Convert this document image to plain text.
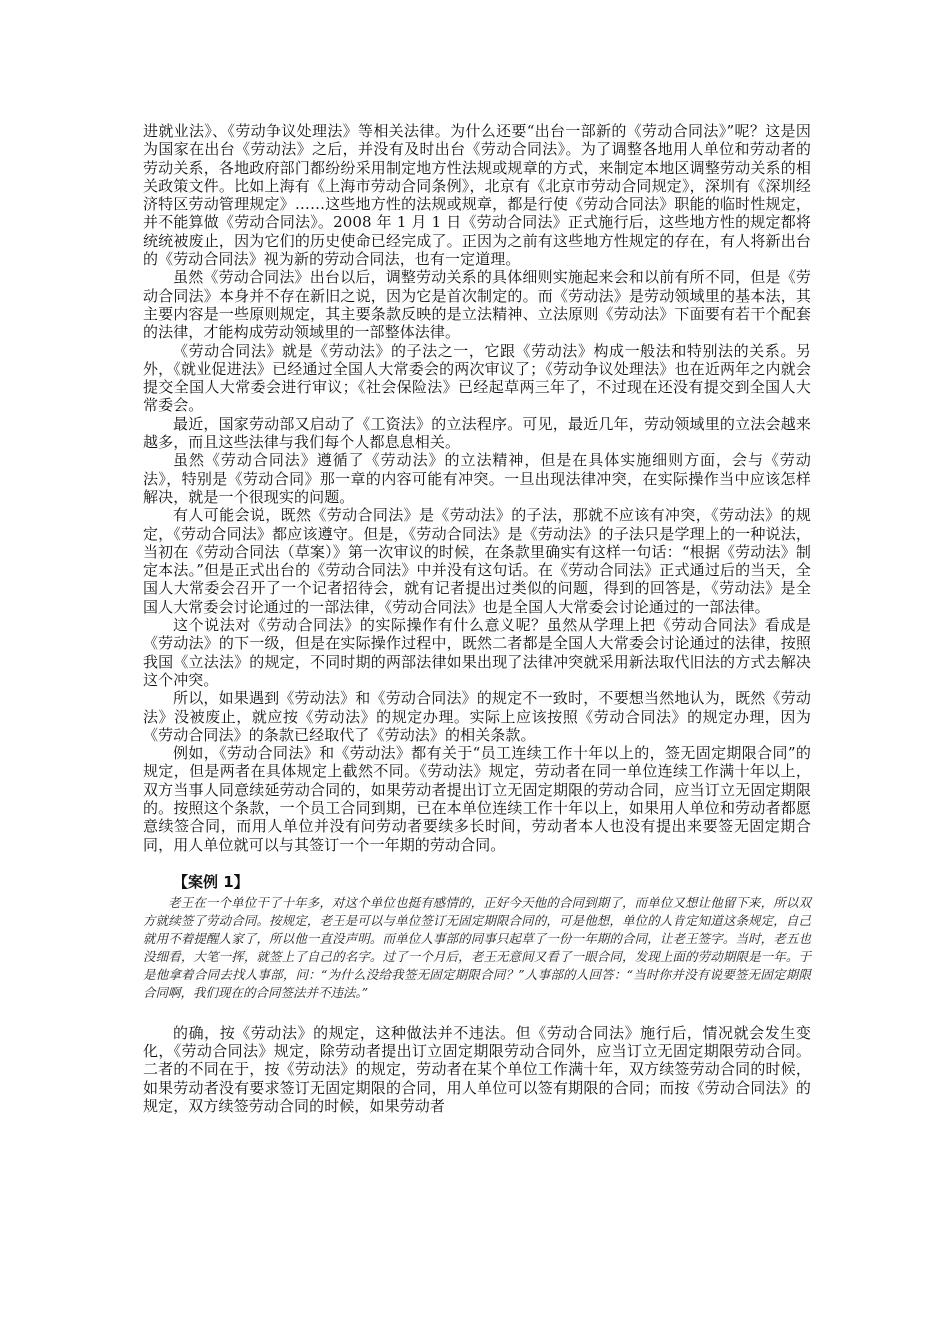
进就业法》、《劳动争议处理法》等相关法律。为什么还要“出台一部新的《劳动合同法》”呢？这是因为国家在出台《劳动法》之后，并没有及时出台《劳动合同法》。为了调整各地用人单位和劳动者的劳动关系，各地政府部门都纷纷采用制定地方性法规或规章的方式，来制定本地区调整劳动关系的相关政策文件。比如上海有《上海市劳动合同条例》，北京有《北京市劳动合同规定》，深圳有《深圳经济特区劳动管理规定》……这些地方性的法规或规章，都是行使《劳动合同法》职能的临时性规定，并不能算做《劳动合同法》。2008 年 1 月 1 日《劳动合同法》正式施行后，这些地方性的规定都将统统被废止，因为它们的历史使命已经完成了。正因为之前有这些地方性规定的存在，有人将新出台的《劳动合同法》视为新的劳动合同法，也有一定道理。

虽然《劳动合同法》出台以后，调整劳动关系的具体细则实施起来会和以前有所不同，但是《劳动合同法》本身并不存在新旧之说，因为它是首次制定的。而《劳动法》是劳动领域里的基本法，其主要内容是一些原则规定，其主要条款反映的是立法精神、立法原则《劳动法》下面要有若干个配套的法律，才能构成劳动领域里的一部整体法律。

《劳动合同法》就是《劳动法》的子法之一，它跟《劳动法》构成一般法和特别法的关系。另外，《就业促进法》已经通过全国人大常委会的两次审议了；《劳动争议处理法》也在近两年之内就会提交全国人大常委会进行审议；《社会保险法》已经起草两三年了，不过现在还没有提交到全国人大常委会。

最近，国家劳动部又启动了《工资法》的立法程序。可见，最近几年，劳动领域里的立法会越来越多，而且这些法律与我们每个人都息息相关。

虽然《劳动合同法》遵循了《劳动法》的立法精神，但是在具体实施细则方面，会与《劳动法》，特别是《劳动合同》那一章的内容可能有冲突。一旦出现法律冲突，在实际操作当中应该怎样解决，就是一个很现实的问题。

有人可能会说，既然《劳动合同法》是《劳动法》的子法，那就不应该有冲突，《劳动法》的规定，《劳动合同法》都应该遵守。但是，《劳动合同法》是《劳动法》的子法只是学理上的一种说法，当初在《劳动合同法（草案）》第一次审议的时候，在条款里确实有这样一句话：“根据《劳动法》制定本法。”但是正式出台的《劳动合同法》中并没有这句话。在《劳动合同法》正式通过后的当天，全国人大常委会召开了一个记者招待会，就有记者提出过类似的问题，得到的回答是，《劳动法》是全国人大常委会讨论通过的一部法律，《劳动合同法》也是全国人大常委会讨论通过的一部法律。

这个说法对《劳动合同法》的实际操作有什么意义呢？虽然从学理上把《劳动合同法》看成是《劳动法》的下一级，但是在实际操作过程中，既然二者都是全国人大常委会讨论通过的法律，按照我国《立法法》的规定，不同时期的两部法律如果出现了法律冲突就采用新法取代旧法的方式去解决这个冲突。

所以，如果遇到《劳动法》和《劳动合同法》的规定不一致时，不要想当然地认为，既然《劳动法》没被废止，就应按《劳动法》的规定办理。实际上应该按照《劳动合同法》的规定办理，因为《劳动合同法》的条款已经取代了《劳动法》的相关条款。

例如，《劳动合同法》和《劳动法》都有关于“员工连续工作十年以上的，签无固定期限合同”的规定，但是两者在具体规定上截然不同。《劳动法》规定，劳动者在同一单位连续工作满十年以上，双方当事人同意续延劳动合同的，如果劳动者提出订立无固定期限的劳动合同，应当订立无固定期限的。按照这个条款，一个员工合同到期，已在本单位连续工作十年以上，如果用人单位和劳动者都愿意续签合同，而用人单位并没有问劳动者要续多长时间，劳动者本人也没有提出来要签无固定期合同，用人单位就可以与其签订一个一年期的劳动合同。

【案例 1】

老王在一个单位干了十年多，对这个单位也挺有感情的，正好今天他的合同到期了，而单位又想让他留下来，所以双方就续签了劳动合同。按规定，老王是可以与单位签订无固定期限合同的，可是他想，单位的人肯定知道这条规定，自己就用不着提醒人家了，所以他一直没声明。而单位人事部的同事只起草了一份一年期的合同，让老王签字。当时，老五也没细看，大笔一挥，就签上了自己的名字。过了一个月后，老王无意间又看了一眼合同，发现上面的劳动期限是一年。于是他拿着合同去找人事部，问：“为什么没给我签无固定期限合同？”人事部的人回答：“当时你并没有说要签无固定期限合同啊，我们现在的合同签法并不违法。”

的确，按《劳动法》的规定，这种做法并不违法。但《劳动合同法》施行后，情况就会发生变化，《劳动合同法》规定，除劳动者提出订立固定期限劳动合同外，应当订立无固定期限劳动合同。二者的不同在于，按《劳动法》的规定，劳动者在某个单位工作满十年，双方续签劳动合同的时候，如果劳动者没有要求签订无固定期限的合同，用人单位可以签有期限的合同；而按《劳动合同法》的规定，双方续签劳动合同的时候，如果劳动者
